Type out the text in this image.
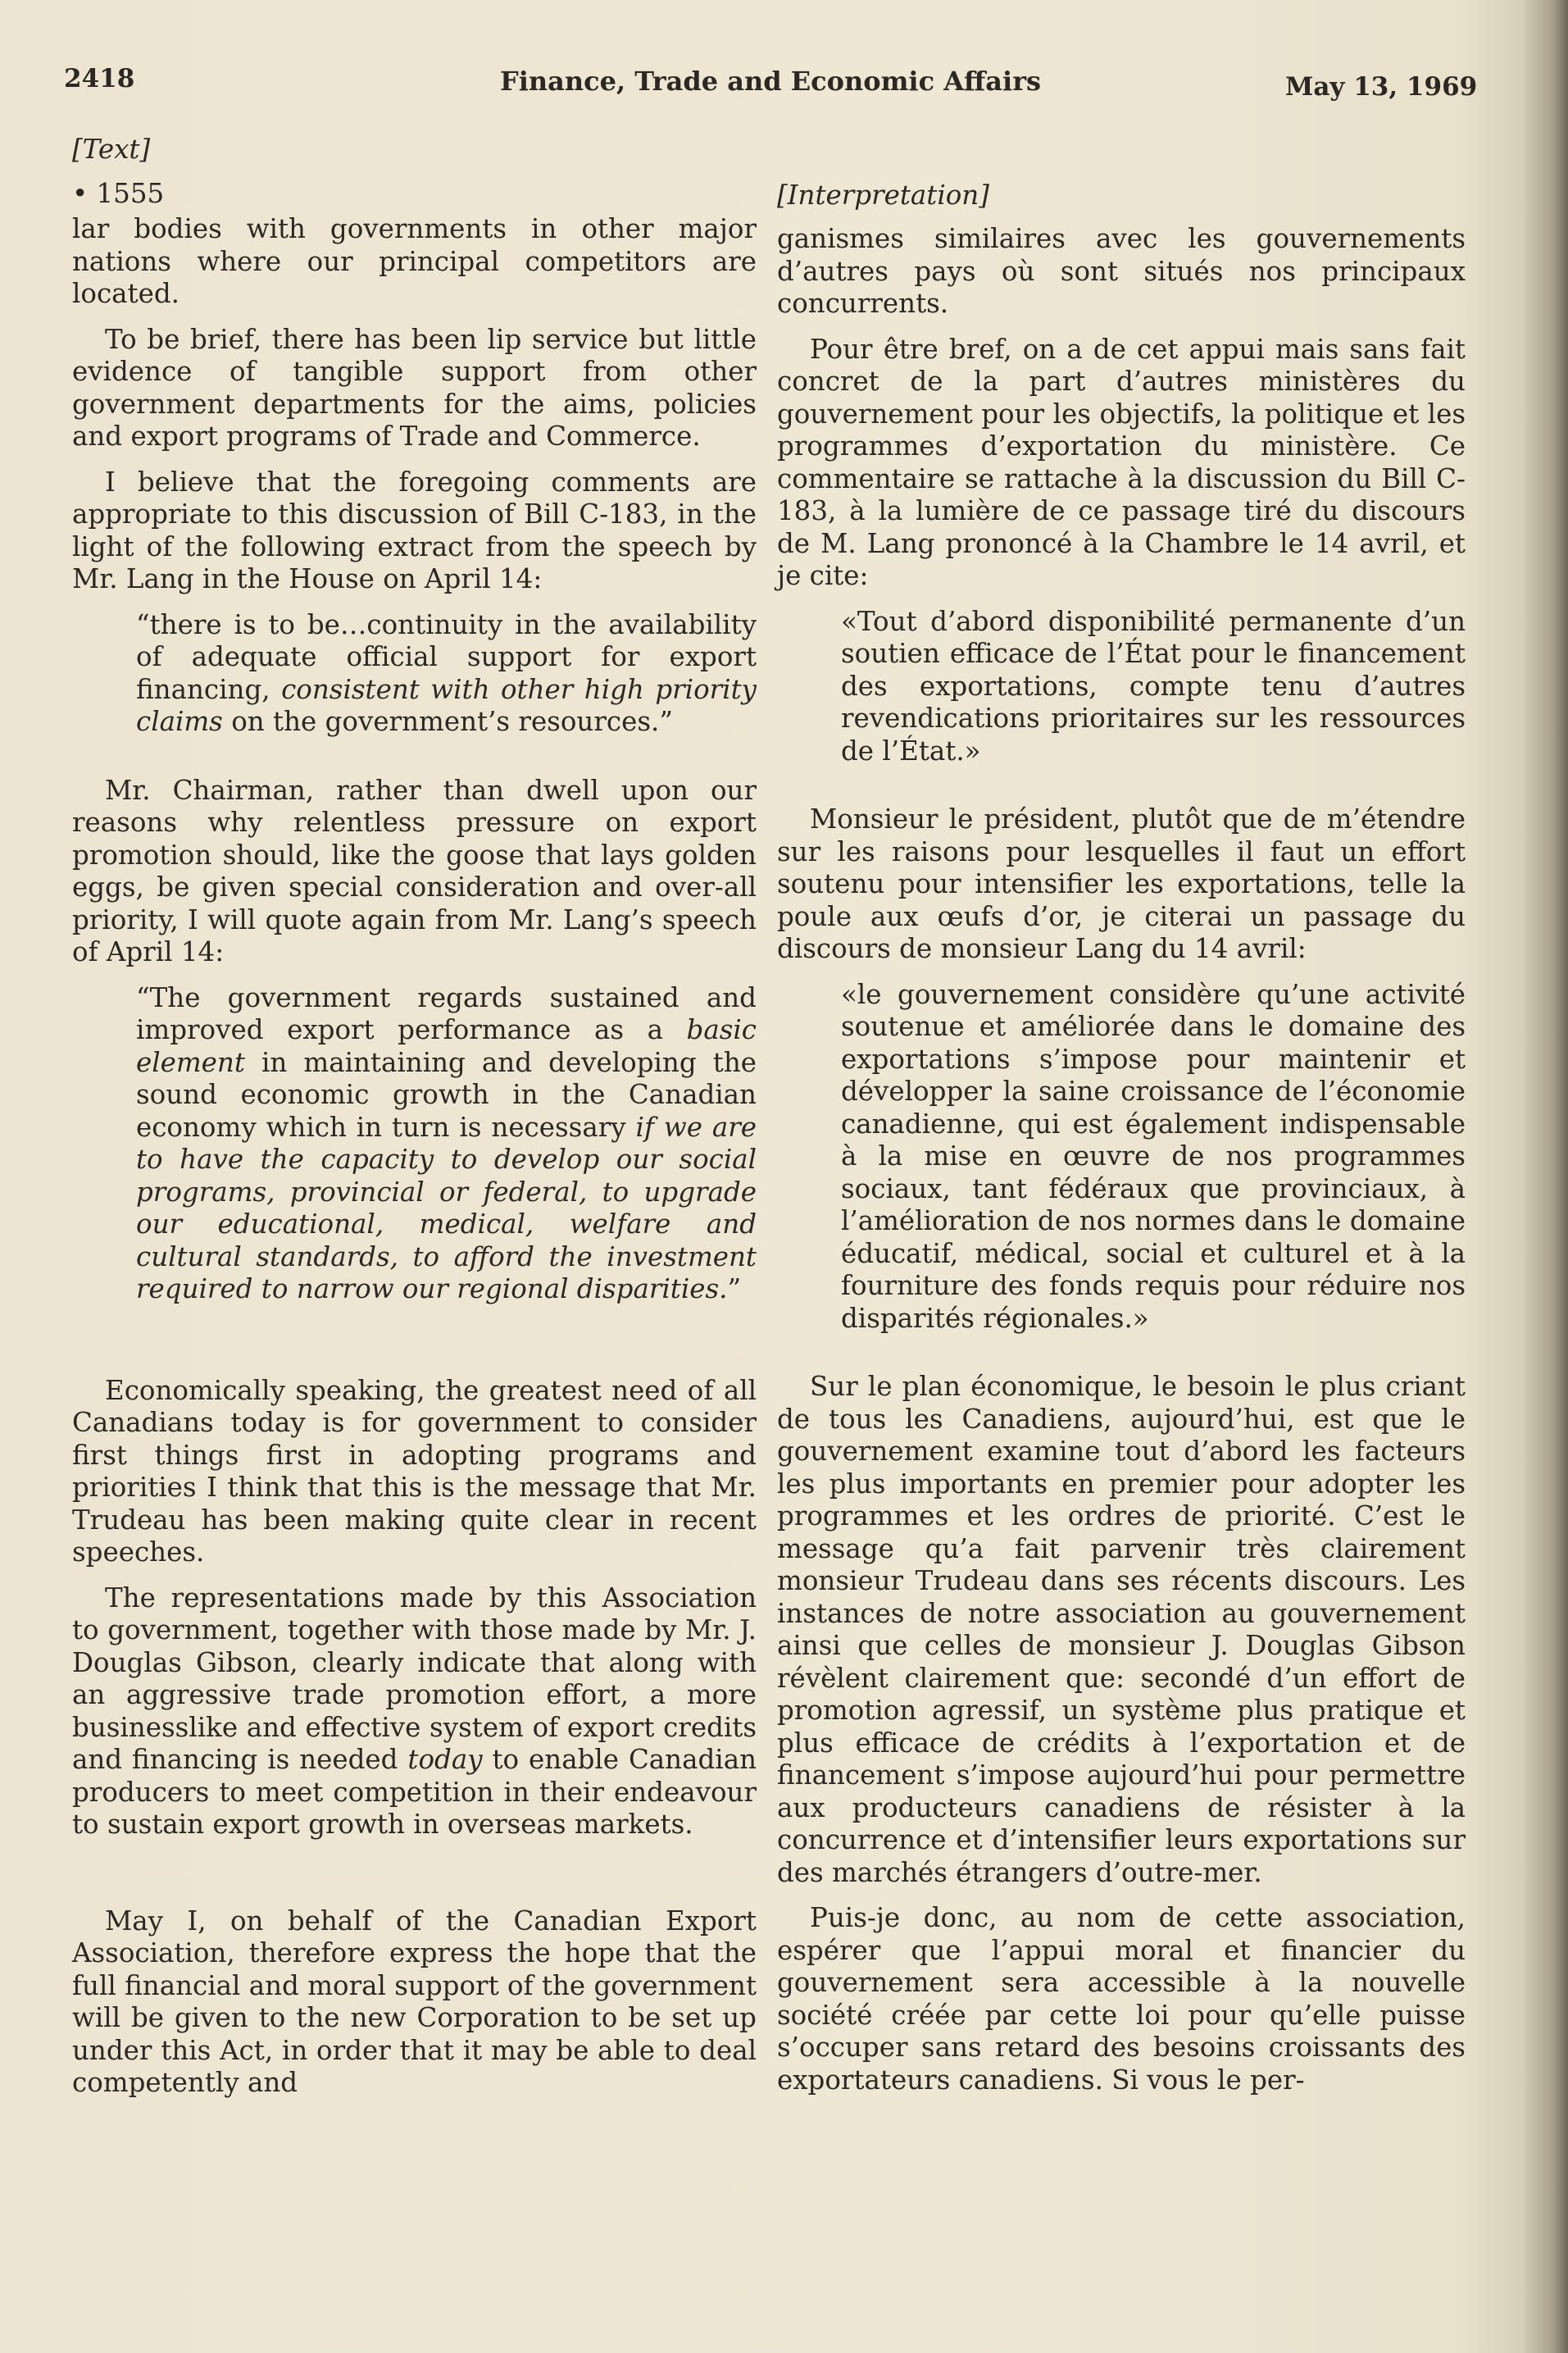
2418	Finance, Trade and Economic Affairs	May 13, 1969
[Text]
• 1555

lar bodies with governments in other major nations where our principal competitors are located.

To be brief, there has been lip service but little evidence of tangible support from other government departments for the aims, policies and export programs of Trade and Commerce.

I believe that the foregoing comments are appropriate to this discussion of Bill C-183, in the light of the following extract from the speech by Mr. Lang in the House on April 14:

“there is to be…continuity in the availability of adequate official support for export financing, consistent with other high priority claims on the government’s resources.”

Mr. Chairman, rather than dwell upon our reasons why relentless pressure on export promotion should, like the goose that lays golden eggs, be given special consideration and over-all priority, I will quote again from Mr. Lang’s speech of April 14:

“The government regards sustained and improved export performance as a basic element in maintaining and developing the sound economic growth in the Canadian economy which in turn is necessary if we are to have the capacity to develop our social programs, provincial or federal, to upgrade our educational, medical, welfare and cultural standards, to afford the investment required to narrow our regional disparities.”

Economically speaking, the greatest need of all Canadians today is for government to consider first things first in adopting programs and priorities I think that this is the message that Mr. Trudeau has been making quite clear in recent speeches.

The representations made by this Association to government, together with those made by Mr. J. Douglas Gibson, clearly indicate that along with an aggressive trade promotion effort, a more businesslike and effective system of export credits and financing is needed today to enable Canadian producers to meet competition in their endeavour to sustain export growth in overseas markets.

May I, on behalf of the Canadian Export Association, therefore express the hope that the full financial and moral support of the government will be given to the new Corporation to be set up under this Act, in order that it may be able to deal competently and

[Interpretation]

ganismes similaires avec les gouvernements d’autres pays où sont situés nos principaux concurrents.

Pour être bref, on a de cet appui mais sans fait concret de la part d’autres ministères du gouvernement pour les objectifs, la politique et les programmes d’exportation du ministère. Ce commentaire se rattache à la discussion du Bill C-183, à la lumière de ce passage tiré du discours de M. Lang prononcé à la Chambre le 14 avril, et je cite:

«Tout d’abord disponibilité permanente d’un soutien efficace de l’État pour le financement des exportations, compte tenu d’autres revendications prioritaires sur les ressources de l’État.»

Monsieur le président, plutôt que de m’étendre sur les raisons pour lesquelles il faut un effort soutenu pour intensifier les exportations, telle la poule aux œufs d’or, je citerai un passage du discours de monsieur Lang du 14 avril:

«le gouvernement considère qu’une activité soutenue et améliorée dans le domaine des exportations s’impose pour maintenir et développer la saine croissance de l’économie canadienne, qui est également indispensable à la mise en œuvre de nos programmes sociaux, tant fédéraux que provinciaux, à l’amélioration de nos normes dans le domaine éducatif, médical, social et culturel et à la fourniture des fonds requis pour réduire nos disparités régionales.»

Sur le plan économique, le besoin le plus criant de tous les Canadiens, aujourd’hui, est que le gouvernement examine tout d’abord les facteurs les plus importants en premier pour adopter les programmes et les ordres de priorité. C’est le message qu’a fait parvenir très clairement monsieur Trudeau dans ses récents discours. Les instances de notre association au gouvernement ainsi que celles de monsieur J. Douglas Gibson révèlent clairement que: secondé d’un effort de promotion agressif, un système plus pratique et plus efficace de crédits à l’exportation et de financement s’impose aujourd’hui pour permettre aux producteurs canadiens de résister à la concurrence et d’intensifier leurs exportations sur des marchés étrangers d’outre-mer.

Puis-je donc, au nom de cette association, espérer que l’appui moral et financier du gouvernement sera accessible à la nouvelle société créée par cette loi pour qu’elle puisse s’occuper sans retard des besoins croissants des exportateurs canadiens. Si vous le per-
